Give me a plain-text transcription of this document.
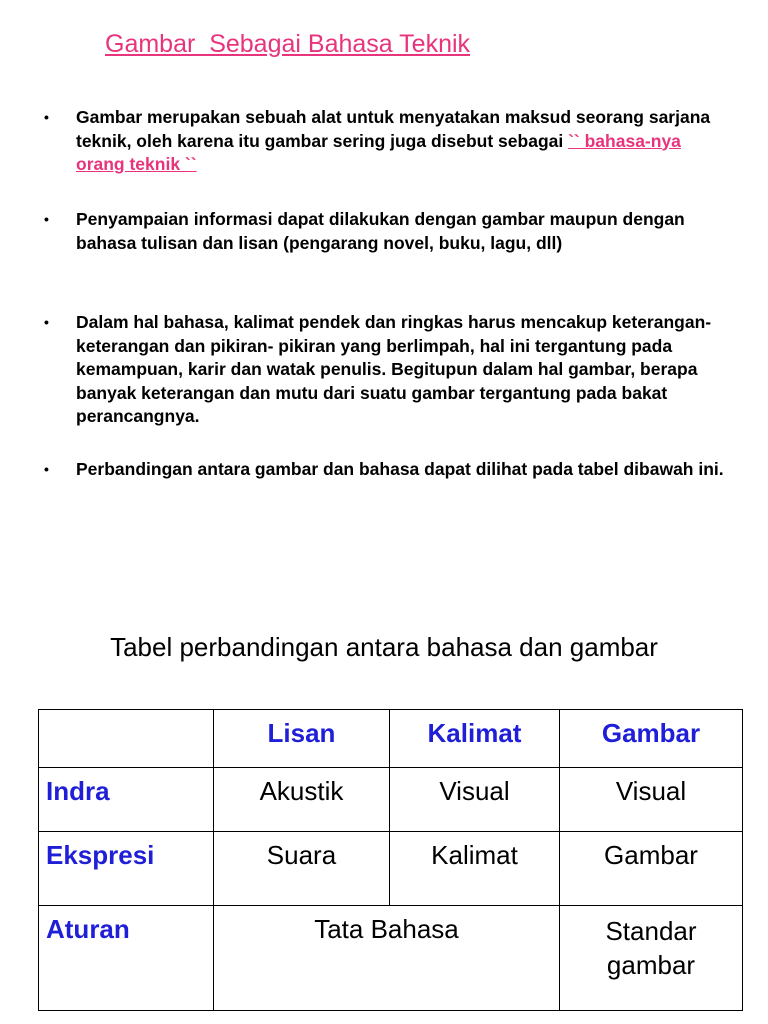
Gambar  Sebagai Bahasa Teknik
• Gambar merupakan sebuah alat untuk menyatakan maksud seorang sarjana teknik, oleh karena itu gambar sering juga disebut sebagai `` bahasa-nya orang teknik ``
• Penyampaian informasi dapat dilakukan dengan gambar maupun dengan bahasa tulisan dan lisan (pengarang novel, buku, lagu, dll)
• Dalam hal bahasa, kalimat pendek dan ringkas harus mencakup keterangan-keterangan dan pikiran- pikiran yang berlimpah, hal ini tergantung pada kemampuan, karir dan watak penulis. Begitupun dalam hal gambar, berapa banyak keterangan dan mutu dari suatu gambar tergantung pada bakat perancangnya.
• Perbandingan antara gambar dan bahasa dapat dilihat pada tabel dibawah ini.
Tabel perbandingan antara bahasa dan gambar
	Lisan	Kalimat	Gambar
Indra	Akustik	Visual	Visual
Ekspresi	Suara	Kalimat	Gambar
Aturan	Tata Bahasa		Standar gambar
